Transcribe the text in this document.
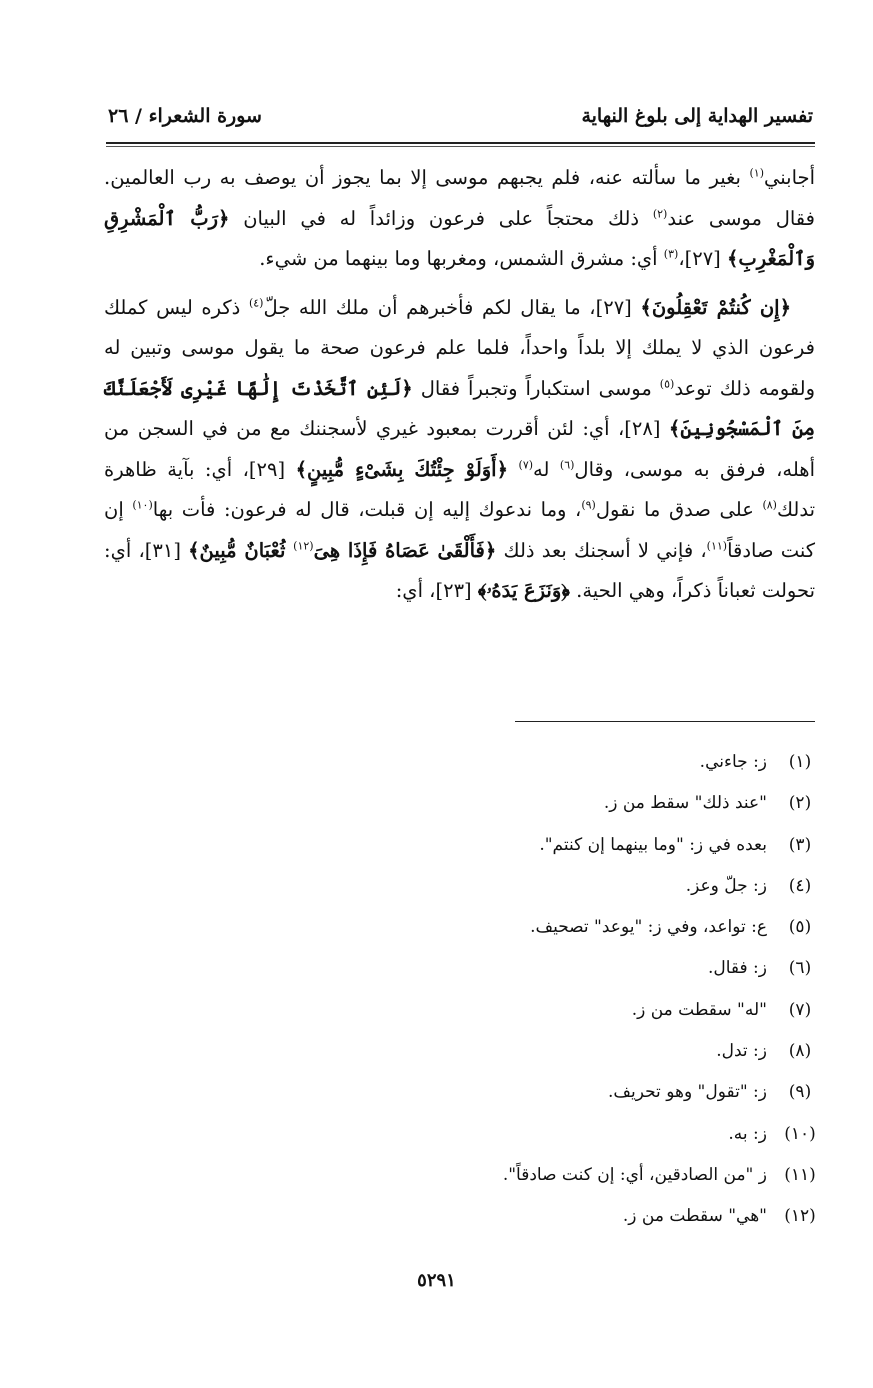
تفسير الهداية إلى بلوغ النهاية
سورة الشعراء / ٢٦

أجابني$^{(١)}$ بغير ما سألته عنه، فلم يجبهم موسى إلا بما يجوز أن يوصف به رب العالمين. فقال موسى عند$^{(٢)}$ ذلك محتجاً على فرعون وزائداً له في البيان ﴿رَبُّ ٱلْمَشْرِقِ وَٱلْمَغْرِبِ﴾ [٢٧]،$^{(٣)}$ أي: مشرق الشمس، ومغربها وما بينهما من شيء.

﴿إِن كُنتُمْ تَعْقِلُونَ﴾ [٢٧]، ما يقال لكم فأخبرهم أن ملك الله جلّ$^{(٤)}$ ذكره ليس كملك فرعون الذي لا يملك إلا بلداً واحداً، فلما علم فرعون صحة ما يقول موسى وتبين له ولقومه ذلك توعد$^{(٥)}$ موسى استكباراً وتجبراً فقال ﴿لَئِنِ ٱتَّخَذْتَ إِلَٰهًا غَيْرِى لَأَجْعَلَنَّكَ مِنَ ٱلْمَسْجُونِينَ﴾ [٢٨]، أي: لئن أقررت بمعبود غيري لأسجننك مع من في السجن من أهله، فرفق به موسى، وقال$^{(٦)}$ له$^{(٧)}$ ﴿أَوَلَوْ جِئْتُكَ بِشَىْءٍ مُّبِينٍ﴾ [٢٩]، أي: بآية ظاهرة تدلك$^{(٨)}$ على صدق ما نقول$^{(٩)}$، وما ندعوك إليه إن قبلت، قال له فرعون: فأت بها$^{(١٠)}$ إن كنت صادقاً$^{(١١)}$، فإني لا أسجنك بعد ذلك ﴿فَأَلْقَىٰ عَصَاهُ فَإِذَا هِىَ$^{(١٢)}$ ثُعْبَانٌ مُّبِينٌ﴾ [٣١]، أي: تحولت ثعباناً ذكراً، وهي الحية. ﴿وَنَزَعَ يَدَهُۥ﴾ [٢٣]، أي:

(١)
ز: جاءني.
(٢)
"عند ذلك" سقط من ز.
(٣)
بعده في ز: "وما بينهما إن كنتم".
(٤)
ز: جلّ وعز.
(٥)
ع: تواعد، وفي ز: "يوعد" تصحيف.
(٦)
ز: فقال.
(٧)
"له" سقطت من ز.
(٨)
ز: تدل.
(٩)
ز: "تقول" وهو تحريف.
(١٠)
ز: به.
(١١)
ز "من الصادقين، أي: إن كنت صادقاً".
(١٢)
"هي" سقطت من ز.
٥٢٩١
